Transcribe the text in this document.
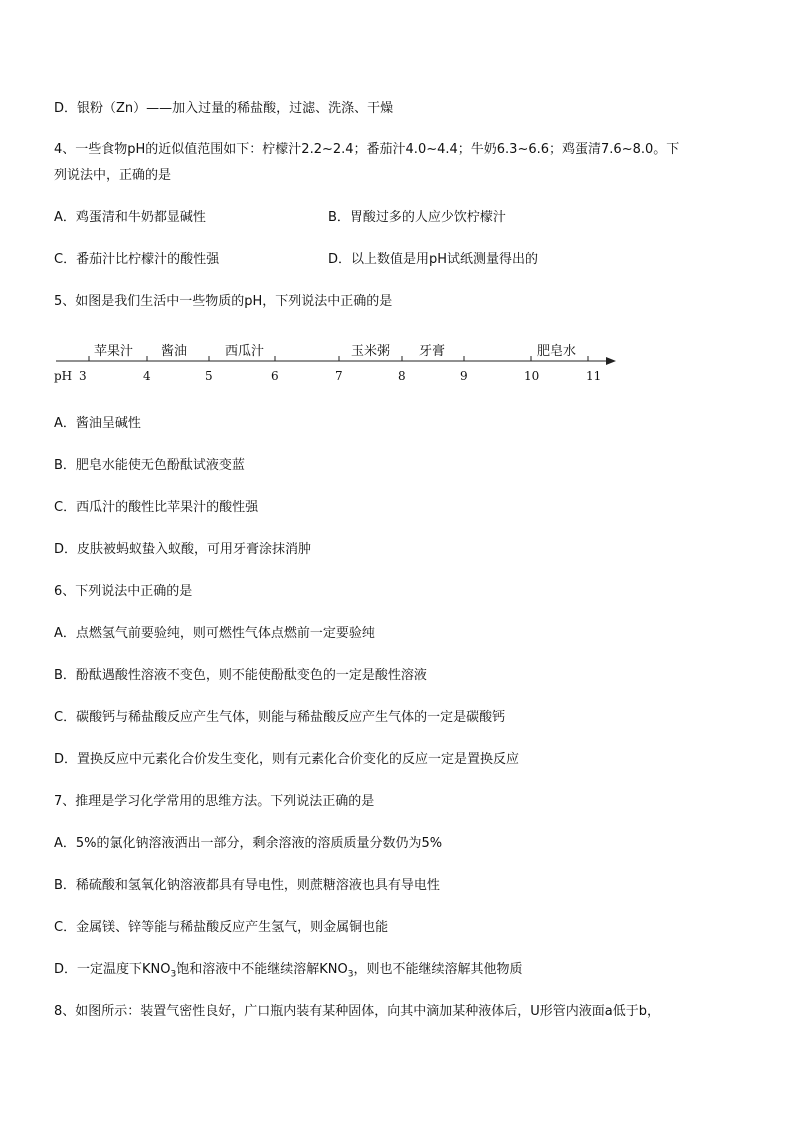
D．银粉（Zn）——加入过量的稀盐酸，过滤、洗涤、干燥
4、一些食物pH的近似值范围如下：柠檬汁2.2~2.4；番茄汁4.0~4.4；牛奶6.3~6.6；鸡蛋清7.6~8.0。下
列说法中，正确的是
A．鸡蛋清和牛奶都显碱性	B．胃酸过多的人应少饮柠檬汁
C．番茄汁比柠檬汁的酸性强	D．以上数值是用pH试纸测量得出的
5、如图是我们生活中一些物质的pH，下列说法中正确的是
pH 3	4	5	6	7	8	9	10	11
苹果汁 酱油	西瓜汁	玉米粥 牙膏	肥皂水
A．酱油呈碱性
B．肥皂水能使无色酚酞试液变蓝
C．西瓜汁的酸性比苹果汁的酸性强
D．皮肤被蚂蚁蛰入蚁酸，可用牙膏涂抹消肿
6、下列说法中正确的是
A．点燃氢气前要验纯，则可燃性气体点燃前一定要验纯
B．酚酞遇酸性溶液不变色，则不能使酚酞变色的一定是酸性溶液
C．碳酸钙与稀盐酸反应产生气体，则能与稀盐酸反应产生气体的一定是碳酸钙
D．置换反应中元素化合价发生变化，则有元素化合价变化的反应一定是置换反应
7、推理是学习化学常用的思维方法。下列说法正确的是
A．5%的氯化钠溶液洒出一部分，剩余溶液的溶质质量分数仍为5%
B．稀硫酸和氢氧化钠溶液都具有导电性，则蔗糖溶液也具有导电性
C．金属镁、锌等能与稀盐酸反应产生氢气，则金属铜也能
D．一定温度下$KNO_3$饱和溶液中不能继续溶解$KNO_3$，则也不能继续溶解其他物质
8、如图所示：装置气密性良好，广口瓶内装有某种固体，向其中滴加某种液体后，U形管内液面a低于b，
